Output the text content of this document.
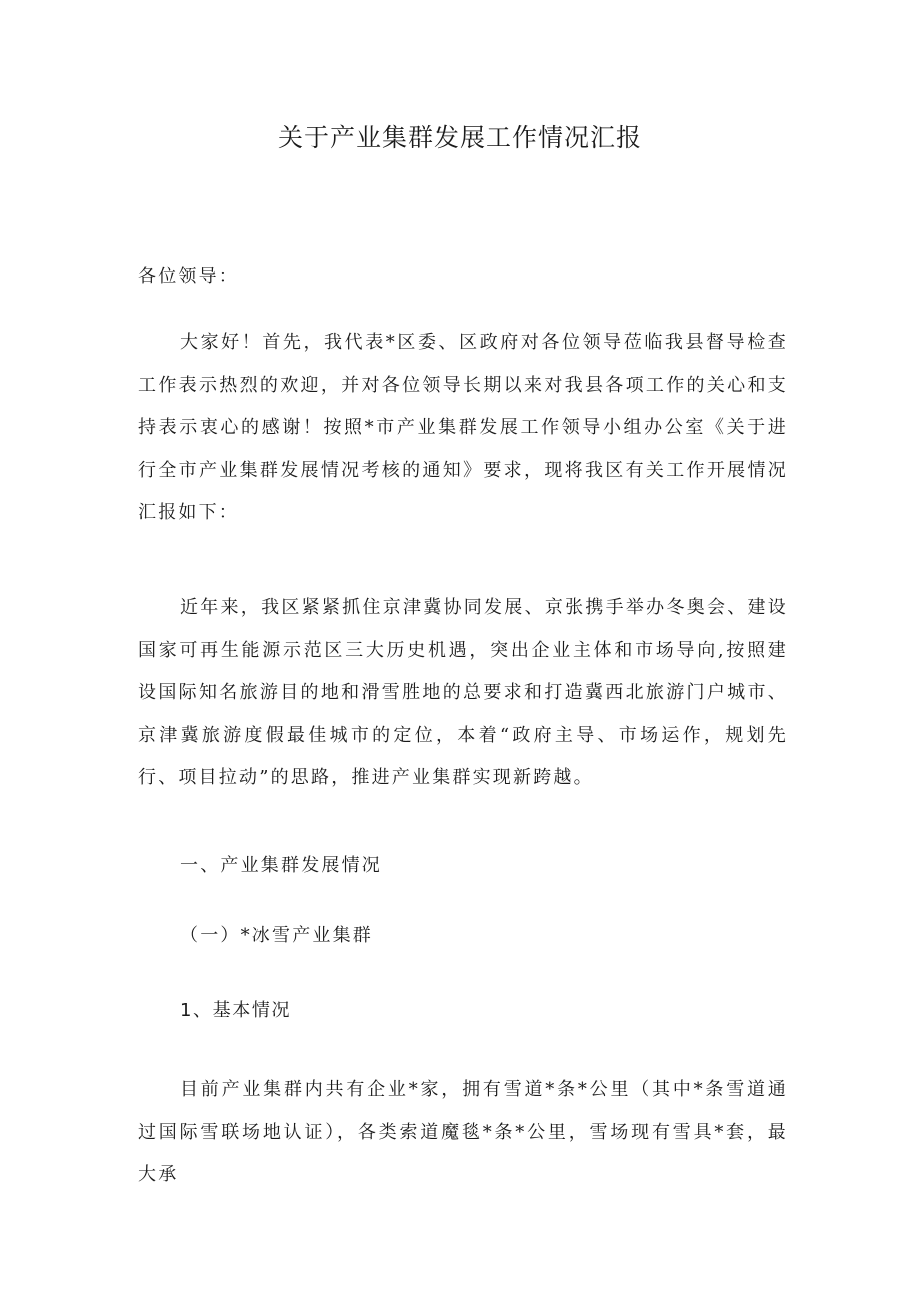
关于产业集群发展工作情况汇报

各位领导：

大家好！首先，我代表*区委、区政府对各位领导莅临我县督导检查工作表示热烈的欢迎，并对各位领导长期以来对我县各项工作的关心和支持表示衷心的感谢！按照*市产业集群发展工作领导小组办公室《关于进行全市产业集群发展情况考核的通知》要求，现将我区有关工作开展情况汇报如下：

近年来，我区紧紧抓住京津冀协同发展、京张携手举办冬奥会、建设国家可再生能源示范区三大历史机遇，突出企业主体和市场导向,按照建设国际知名旅游目的地和滑雪胜地的总要求和打造冀西北旅游门户城市、京津冀旅游度假最佳城市的定位，本着“政府主导、市场运作，规划先行、项目拉动”的思路，推进产业集群实现新跨越。

一、产业集群发展情况

（一）*冰雪产业集群

1、基本情况

目前产业集群内共有企业*家，拥有雪道*条*公里（其中*条雪道通过国际雪联场地认证），各类索道魔毯*条*公里，雪场现有雪具*套，最大承
